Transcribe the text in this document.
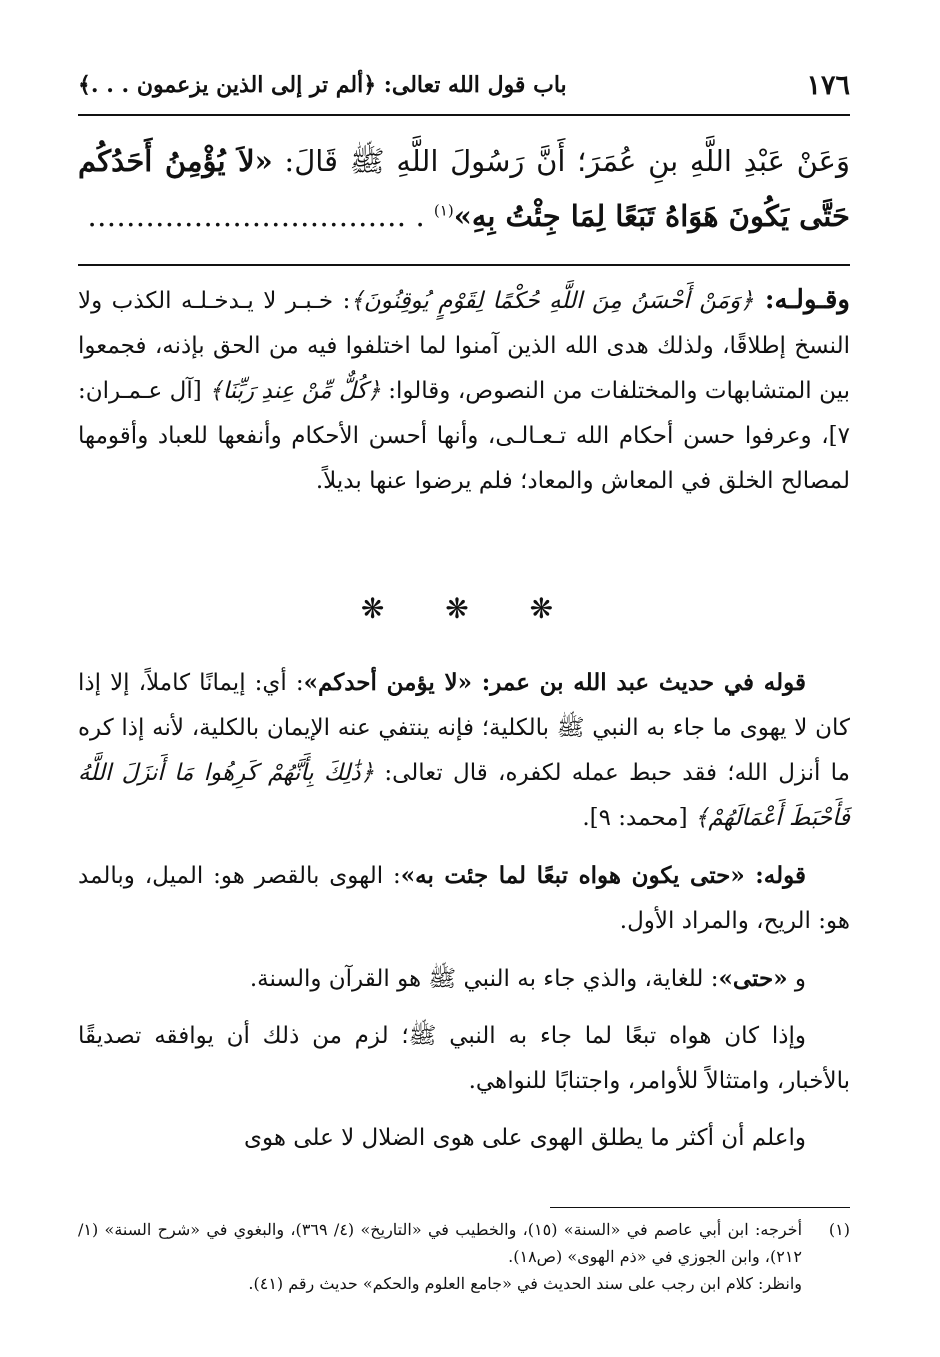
١٧٦
باب قول الله تعالى: ﴿ألم تر إلى الذين يزعمون . . .﴾
وَعَنْ عَبْدِ اللَّهِ بنِ عُمَرَ؛ أَنَّ رَسُولَ اللَّهِ ﷺ قَالَ: «لاَ يُؤْمِنُ أَحَدُكُم حَتَّى يَكُونَ هَوَاهُ تَبَعًا لِمَا جِئْتُ بِهِ»$^{(١)}$ . ……………………………
وقـولـه: ﴿وَمَنْ أَحْسَنُ مِنَ اللَّهِ حُكْمًا لِقَوْمٍ يُوقِنُونَ﴾: خـبـر لا يـدخـلـه الكذب ولا النسخ إطلاقًا، ولذلك هدى الله الذين آمنوا لما اختلفوا فيه من الحق بإذنه، فجمعوا بين المتشابهات والمختلفات من النصوص، وقالوا: ﴿كُلٌّ مِّنْ عِندِ رَبِّنَا﴾ [آل عـمـران: ٧]، وعرفوا حسن أحكام الله تـعـالـى، وأنها أحسن الأحكام وأنفعها للعباد وأقومها لمصالح الخلق في المعاش والمعاد؛ فلم يرضوا عنها بديلاً.
❋ ❋ ❋

قوله في حديث عبد الله بن عمر: «لا يؤمن أحدكم»: أي: إيمانًا كاملاً، إلا إذا كان لا يهوى ما جاء به النبي ﷺ بالكلية؛ فإنه ينتفي عنه الإيمان بالكلية، لأنه إذا كره ما أنزل الله؛ فقد حبط عمله لكفره، قال تعالى: ﴿ذَٰلِكَ بِأَنَّهُمْ كَرِهُوا مَا أَنزَلَ اللَّهُ فَأَحْبَطَ أَعْمَالَهُمْ﴾ [محمد: ٩].

قوله: «حتى يكون هواه تبعًا لما جئت به»: الهوى بالقصر هو: الميل، وبالمد هو: الريح، والمراد الأول.

و «حتى»: للغاية، والذي جاء به النبي ﷺ هو القرآن والسنة.

وإذا كان هواه تبعًا لما جاء به النبي ﷺ؛ لزم من ذلك أن يوافقه تصديقًا بالأخبار، وامتثالاً للأوامر، واجتنابًا للنواهي.

واعلم أن أكثر ما يطلق الهوى على هوى الضلال لا على هوى

(١)
أخرجه: ابن أبي عاصم في «السنة» (١٥)، والخطيب في «التاريخ» (٤/ ٣٦٩)، والبغوي في «شرح السنة» (١/ ٢١٢)، وابن الجوزي في «ذم الهوى» (ص١٨).
وانظر: كلام ابن رجب على سند الحديث في «جامع العلوم والحكم» حديث رقم (٤١).
